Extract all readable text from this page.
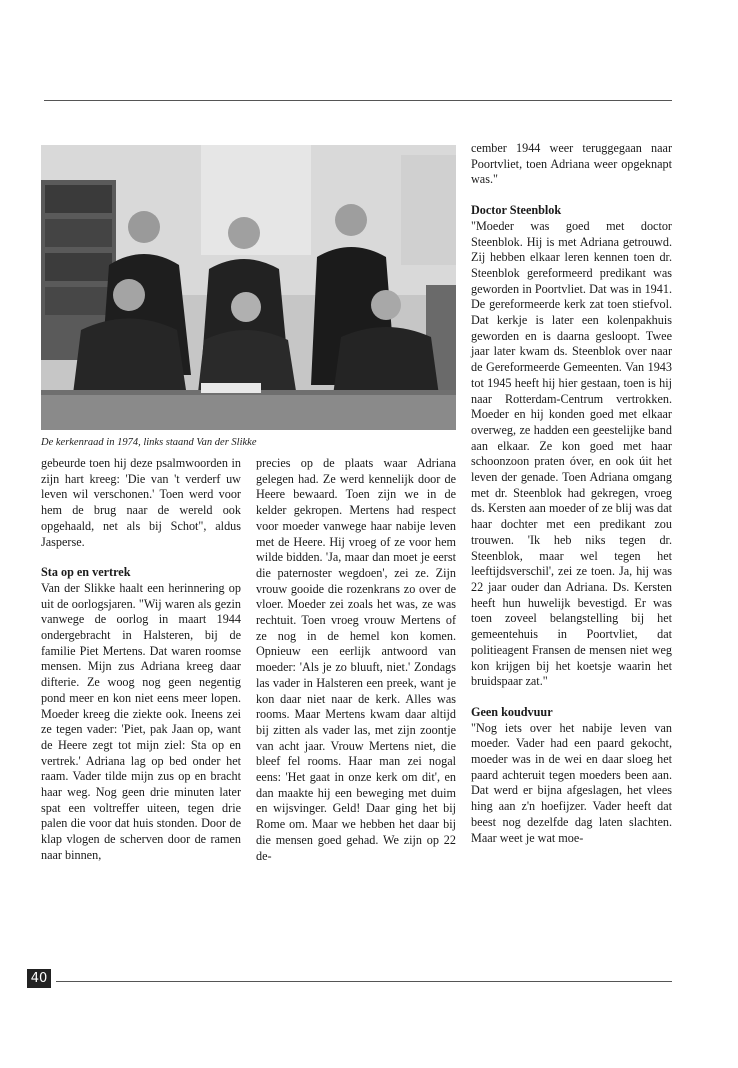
De kerkenraad in 1974, links staand Van der Slikke

gebeurde toen hij deze psalmwoorden in zijn hart kreeg: 'Die van 't verderf uw leven wil verschonen.' Toen werd voor hem de brug naar de wereld ook opgehaald, net als bij Schot", aldus Jasperse.

Sta op en vertrek

Van der Slikke haalt een herinnering op uit de oorlogsjaren. "Wij waren als gezin vanwege de oorlog in maart 1944 ondergebracht in Halsteren, bij de familie Piet Mertens. Dat waren roomse mensen. Mijn zus Adriana kreeg daar difterie. Ze woog nog geen negentig pond meer en kon niet eens meer lopen. Moeder kreeg die ziekte ook. Ineens zei ze tegen vader: 'Piet, pak Jaan op, want de Heere zegt tot mijn ziel: Sta op en vertrek.' Adriana lag op bed onder het raam. Vader tilde mijn zus op en bracht haar weg. Nog geen drie minuten later spat een voltreffer uiteen, tegen drie palen die voor dat huis stonden. Door de klap vlogen de scherven door de ramen naar binnen,

precies op de plaats waar Adriana gelegen had. Ze werd kennelijk door de Heere bewaard. Toen zijn we in de kelder gekropen. Mertens had respect voor moeder vanwege haar nabije leven met de Heere. Hij vroeg of ze voor hem wilde bidden. 'Ja, maar dan moet je eerst die paternoster wegdoen', zei ze. Zijn vrouw gooide die rozenkrans zo over de vloer. Moeder zei zoals het was, ze was rechtuit. Toen vroeg vrouw Mertens of ze nog in de hemel kon komen. Opnieuw een eerlijk antwoord van moeder: 'Als je zo bluuft, niet.' Zondags las vader in Halsteren een preek, want je kon daar niet naar de kerk. Alles was rooms. Maar Mertens kwam daar altijd bij zitten als vader las, met zijn zoontje van acht jaar. Vrouw Mertens niet, die bleef fel rooms. Haar man zei nogal eens: 'Het gaat in onze kerk om dit', en dan maakte hij een beweging met duim en wijsvinger. Geld! Daar ging het bij Rome om. Maar we hebben het daar bij die mensen goed gehad. We zijn op 22 de-

cember 1944 weer teruggegaan naar Poortvliet, toen Adriana weer opgeknapt was."

Doctor Steenblok

"Moeder was goed met doctor Steenblok. Hij is met Adriana getrouwd. Zij hebben elkaar leren kennen toen dr. Steenblok gereformeerd predikant was geworden in Poortvliet. Dat was in 1941. De gereformeerde kerk zat toen stiefvol. Dat kerkje is later een kolenpakhuis geworden en is daarna gesloopt. Twee jaar later kwam ds. Steenblok over naar de Gereformeerde Gemeenten. Van 1943 tot 1945 heeft hij hier gestaan, toen is hij naar Rotterdam-Centrum vertrokken. Moeder en hij konden goed met elkaar overweg, ze hadden een geestelijke band aan elkaar. Ze kon goed met haar schoonzoon praten óver, en ook úit het leven der genade. Toen Adriana omgang met dr. Steenblok had gekregen, vroeg ds. Kersten aan moeder of ze blij was dat haar dochter met een predikant zou trouwen. 'Ik heb niks tegen dr. Steenblok, maar wel tegen het leeftijdsverschil', zei ze toen. Ja, hij was 22 jaar ouder dan Adriana. Ds. Kersten heeft hun huwelijk bevestigd. Er was toen zoveel belangstelling bij het gemeentehuis in Poortvliet, dat politieagent Fransen de mensen niet weg kon krijgen bij het koetsje waarin het bruidspaar zat."

Geen koudvuur

"Nog iets over het nabije leven van moeder. Vader had een paard gekocht, moeder was in de wei en daar sloeg het paard achteruit tegen moeders been aan. Dat werd er bijna afgeslagen, het vlees hing aan z'n hoefijzer. Vader heeft dat beest nog dezelfde dag laten slachten. Maar weet je wat moe-

40
